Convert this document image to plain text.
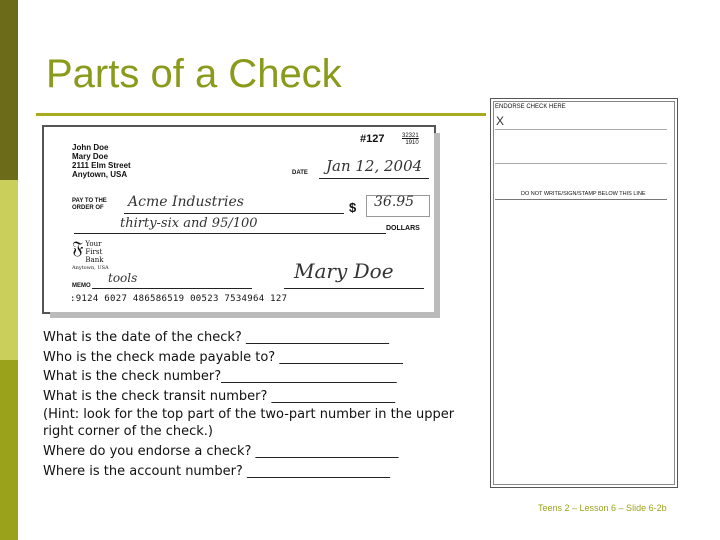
Parts of a Check
John Doe
Mary Doe
2111 Elm Street
Anytown, USA
#127	32321
1910
DATE Jan 12, 2004
PAY TO THE
ORDER OF Acme Industries	$ 36.95
thirty-six and 95/100	DOLLARS
𝔉 Your
First
Bank
Anytown, USA
MEMO
tools	Mary Doe
:9124 6027 486586519 00523 7534964 127
What is the date of the check? ______________________
Who is the check made payable to? ___________________
What is the check number?___________________________
What is the check transit number? ___________________
(Hint: look for the top part of the two-part number in the upper right corner of the check.)
Where do you endorse a check? ______________________
Where is the account number? ______________________
ENDORSE CHECK HERE
X
DO NOT WRITE/SIGN/STAMP BELOW THIS LINE
Teens 2 – Lesson 6 – Slide 6-2b
